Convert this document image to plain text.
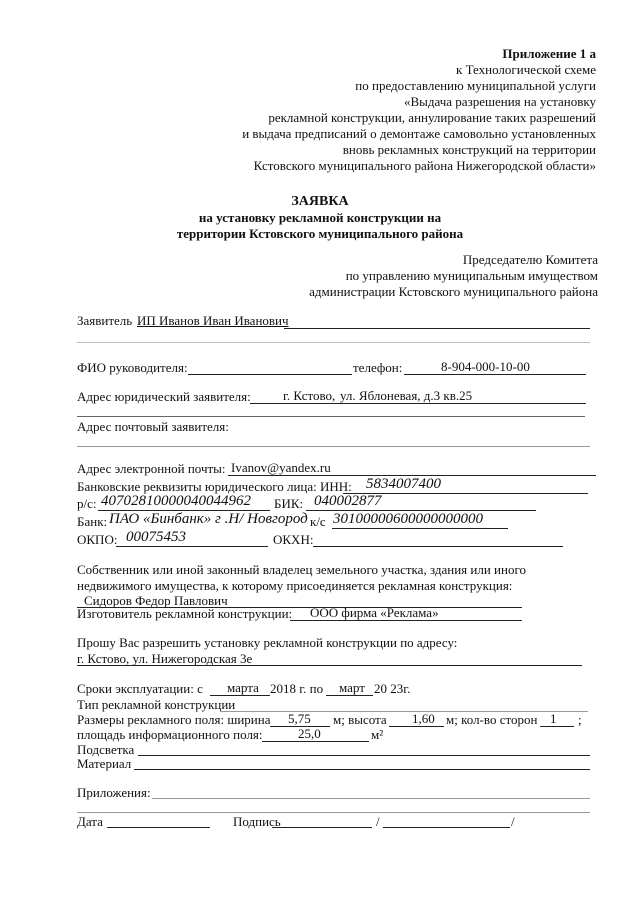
Приложение 1 а
к Технологической схеме
по предоставлению муниципальной услуги
«Выдача разрешения на установку
рекламной конструкции, аннулирование таких разрешений
и выдача предписаний о демонтаже самовольно установленных
вновь рекламных конструкций на территории
Кстовского муниципального района Нижегородской области»
ЗАЯВКА
на установку рекламной конструкции на
территории Кстовского муниципального района
Председателю Комитета
по управлению муниципальным имуществом
администрации Кстовского муниципального района
Заявитель ИП Иванов Иван Иванович
ФИО руководителя:	телефон:	8-904-000-10-00
Адрес юридический заявителя: г. Кстово, ул. Яблоневая, д.3 кв.25
Адрес почтовый заявителя:
Адрес электронной почты: Ivanov@yandex.ru
Банковские реквизиты юридического лица: ИНН: 5834007400
р/с: 40702810000040044962 БИК: 040002877
Банк: ПАО «Бинбанк» г .Н/ Новгород к/с 30100000600000000000
ОКПО: 00075453	ОКХН:
Собственник или иной законный владелец земельного участка, здания или иного
недвижимого имущества, к которому присоединяется рекламная конструкция:
Сидоров Федор Павлович
Изготовитель рекламной конструкции: ООО фирма «Реклама»
Прошу Вас разрешить установку рекламной конструкции по адресу:
г. Кстово, ул. Нижегородская 3е
Сроки эксплуатации: с марта 2018 г. по март 20 23г.
Тип рекламной конструкции
Размеры рекламного поля: ширина 5,75 м; высота 1,60 м; кол-во сторон 1 ;
площадь информационного поля:	25,0	м²
Подсветка
Материал
Приложения:
Дата	Подпись	/	/
